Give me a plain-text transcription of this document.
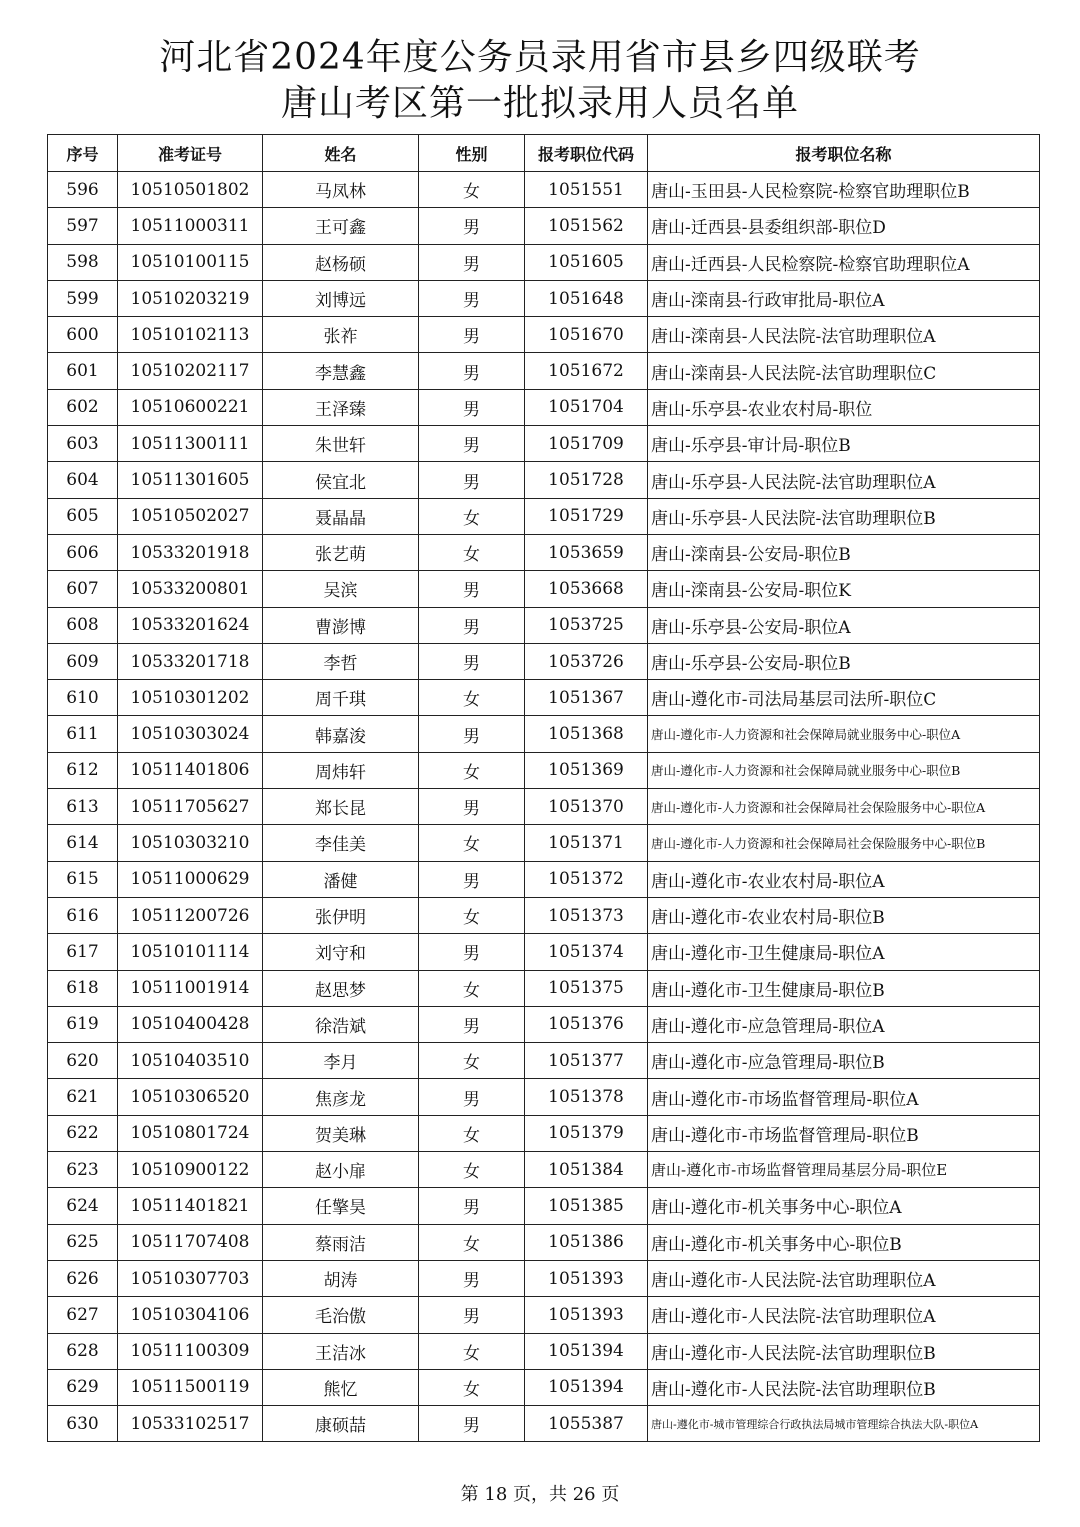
河北省2024年度公务员录用省市县乡四级联考
唐山考区第一批拟录用人员名单
序号	准考证号	姓名	性别	报考职位代码	报考职位名称
596	10510501802	马凤林	女	1051551	唐山-玉田县-人民检察院-检察官助理职位B
597	10511000311	王可鑫	男	1051562	唐山-迁西县-县委组织部-职位D
598	10510100115	赵杨硕	男	1051605	唐山-迁西县-人民检察院-检察官助理职位A
599	10510203219	刘博远	男	1051648	唐山-滦南县-行政审批局-职位A
600	10510102113	张祚	男	1051670	唐山-滦南县-人民法院-法官助理职位A
601	10510202117	李慧鑫	男	1051672	唐山-滦南县-人民法院-法官助理职位C
602	10510600221	王泽臻	男	1051704	唐山-乐亭县-农业农村局-职位
603	10511300111	朱世轩	男	1051709	唐山-乐亭县-审计局-职位B
604	10511301605	侯宜北	男	1051728	唐山-乐亭县-人民法院-法官助理职位A
605	10510502027	聂晶晶	女	1051729	唐山-乐亭县-人民法院-法官助理职位B
606	10533201918	张艺萌	女	1053659	唐山-滦南县-公安局-职位B
607	10533200801	吴滨	男	1053668	唐山-滦南县-公安局-职位K
608	10533201624	曹澎博	男	1053725	唐山-乐亭县-公安局-职位A
609	10533201718	李哲	男	1053726	唐山-乐亭县-公安局-职位B
610	10510301202	周千琪	女	1051367	唐山-遵化市-司法局基层司法所-职位C
611	10510303024	韩嘉浚	男	1051368	唐山-遵化市-人力资源和社会保障局就业服务中心-职位A
612	10511401806	周炜轩	女	1051369	唐山-遵化市-人力资源和社会保障局就业服务中心-职位B
613	10511705627	郑长昆	男	1051370	唐山-遵化市-人力资源和社会保障局社会保险服务中心-职位A
614	10510303210	李佳美	女	1051371	唐山-遵化市-人力资源和社会保障局社会保险服务中心-职位B
615	10511000629	潘健	男	1051372	唐山-遵化市-农业农村局-职位A
616	10511200726	张伊明	女	1051373	唐山-遵化市-农业农村局-职位B
617	10510101114	刘守和	男	1051374	唐山-遵化市-卫生健康局-职位A
618	10511001914	赵思梦	女	1051375	唐山-遵化市-卫生健康局-职位B
619	10510400428	徐浩斌	男	1051376	唐山-遵化市-应急管理局-职位A
620	10510403510	李月	女	1051377	唐山-遵化市-应急管理局-职位B
621	10510306520	焦彦龙	男	1051378	唐山-遵化市-市场监督管理局-职位A
622	10510801724	贺美琳	女	1051379	唐山-遵化市-市场监督管理局-职位B
623	10510900122	赵小扉	女	1051384	唐山-遵化市-市场监督管理局基层分局-职位E
624	10511401821	任擎昊	男	1051385	唐山-遵化市-机关事务中心-职位A
625	10511707408	蔡雨洁	女	1051386	唐山-遵化市-机关事务中心-职位B
626	10510307703	胡涛	男	1051393	唐山-遵化市-人民法院-法官助理职位A
627	10510304106	毛治傲	男	1051393	唐山-遵化市-人民法院-法官助理职位A
628	10511100309	王洁冰	女	1051394	唐山-遵化市-人民法院-法官助理职位B
629	10511500119	熊忆	女	1051394	唐山-遵化市-人民法院-法官助理职位B
630	10533102517	康硕喆	男	1055387	唐山-遵化市-城市管理综合行政执法局城市管理综合执法大队-职位A
第 18 页，共 26 页
